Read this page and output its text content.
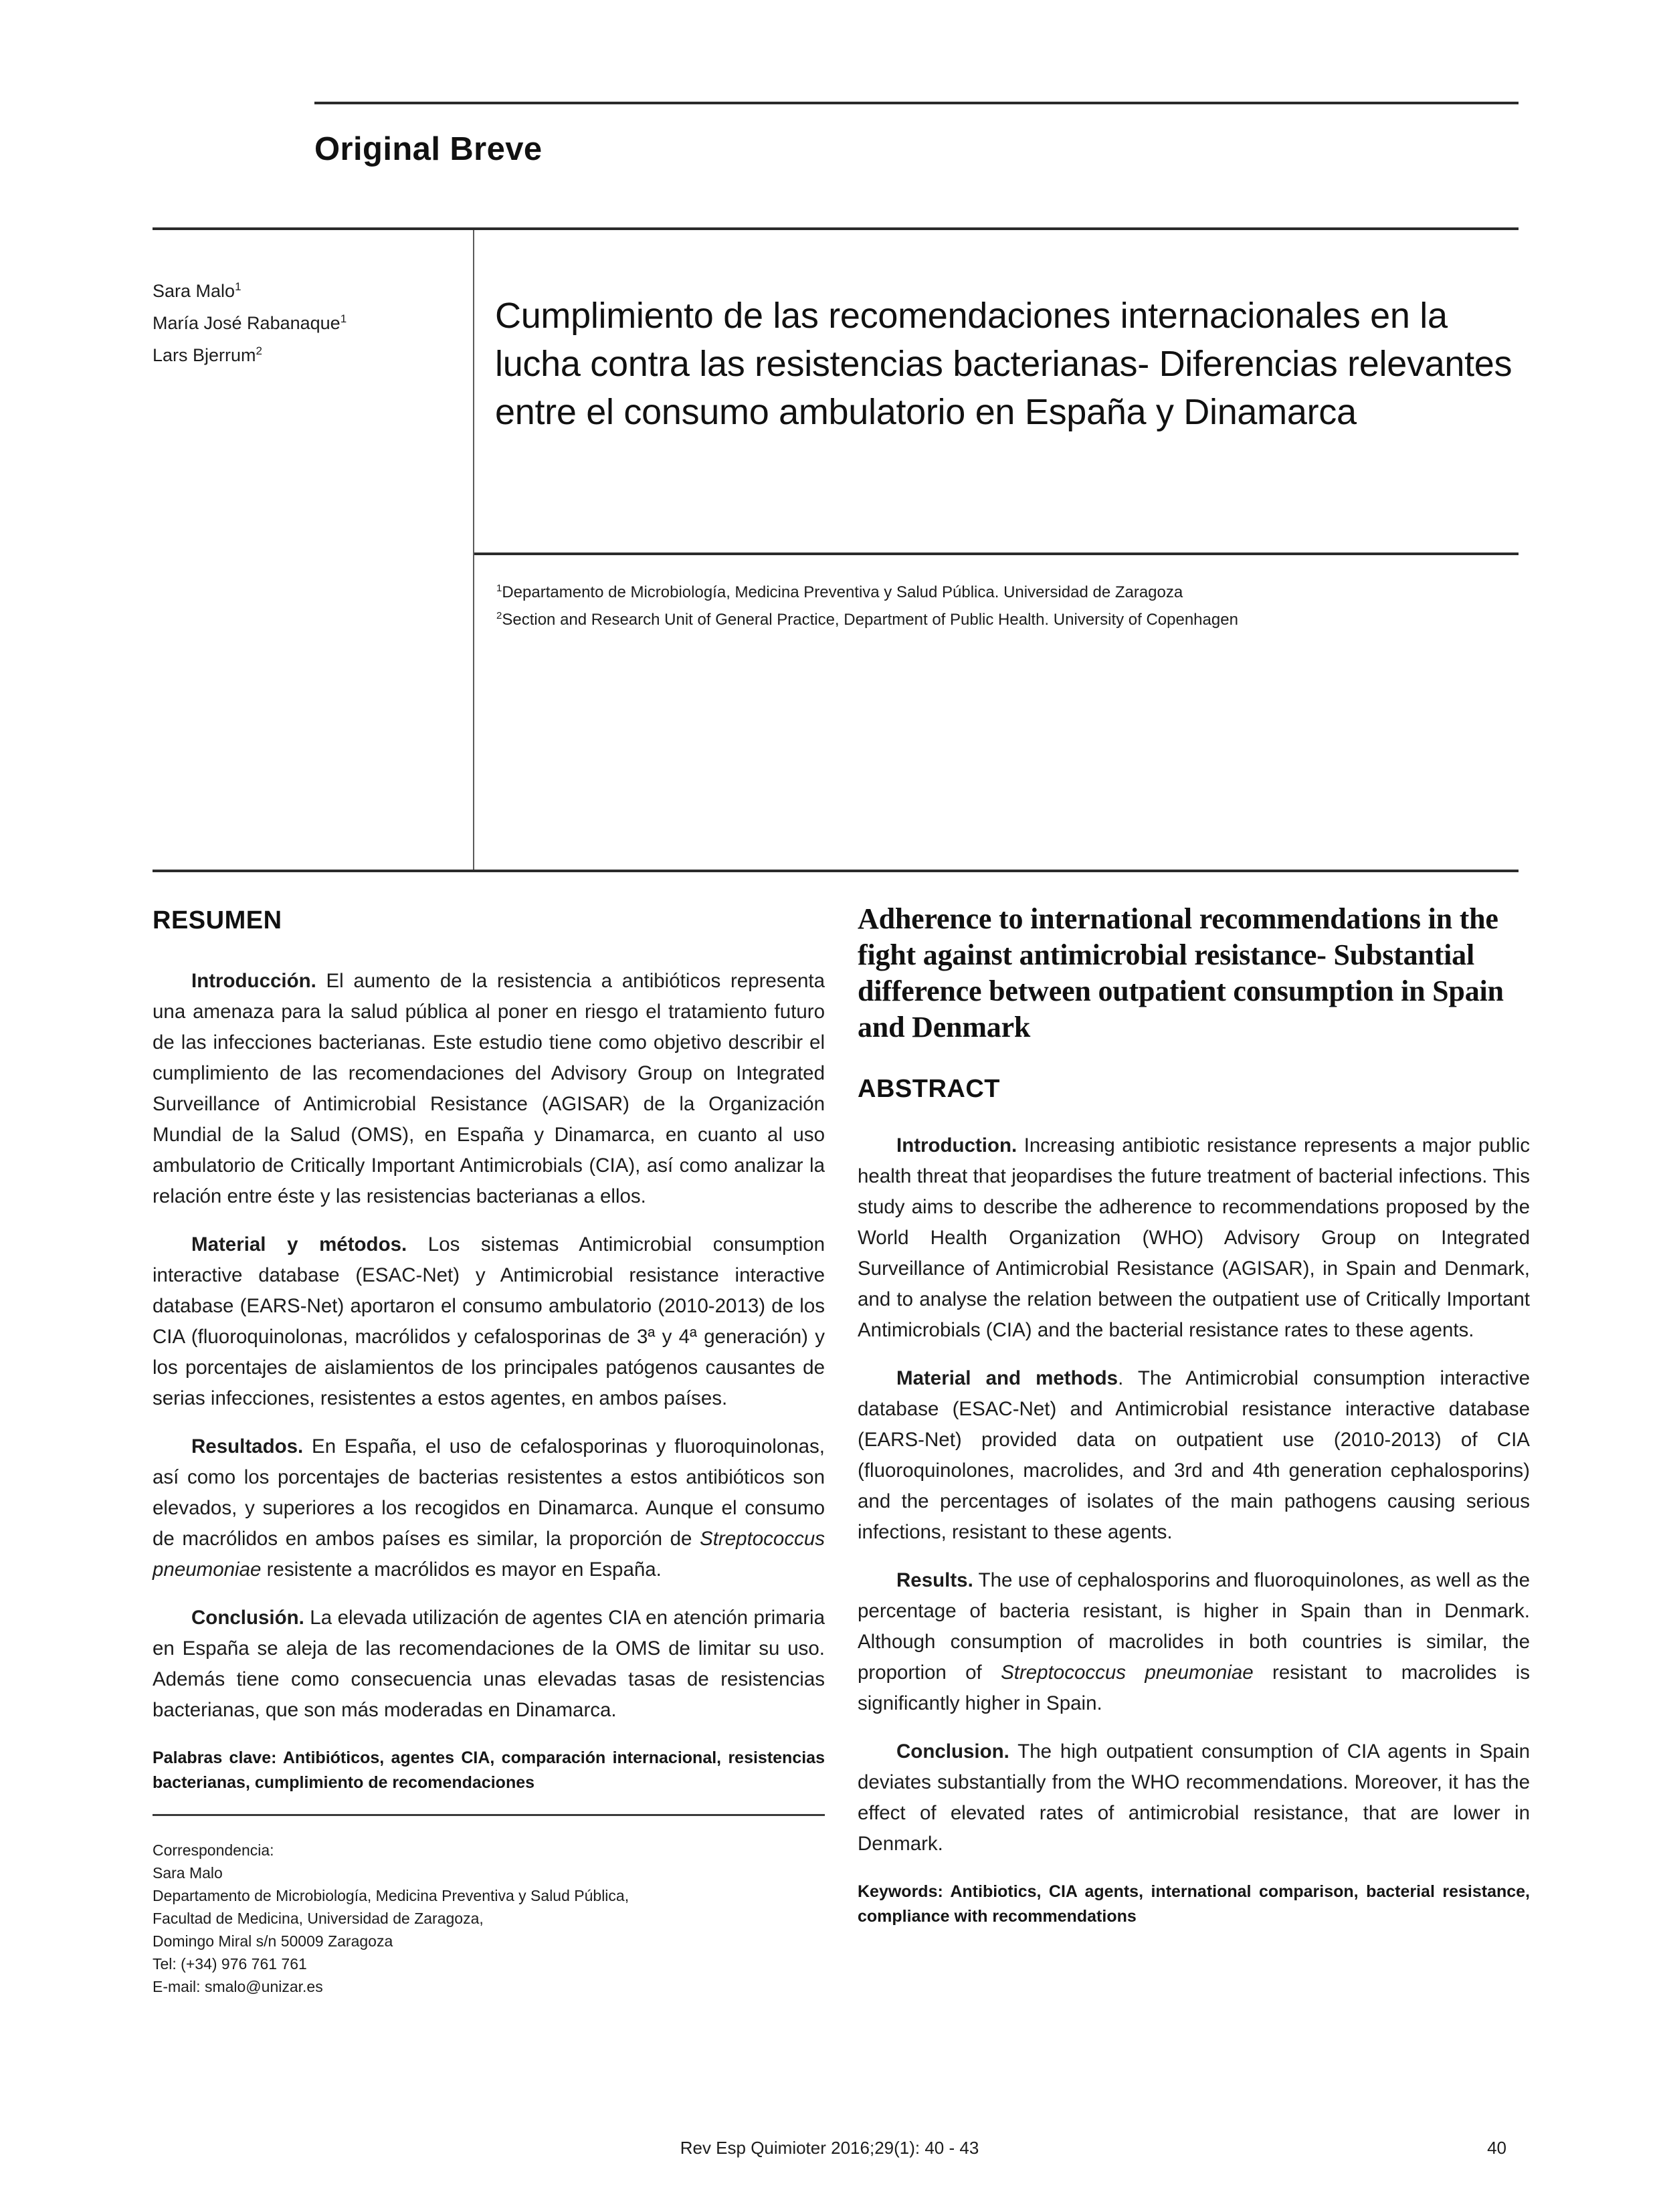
Original Breve
Sara Malo$^1$
María José Rabanaque$^1$
Lars Bjerrum$^2$
Cumplimiento de las recomendaciones internacionales en la lucha contra las resistencias bacterianas- Diferencias relevantes entre el consumo ambulatorio en España y Dinamarca
$^1$Departamento de Microbiología, Medicina Preventiva y Salud Pública. Universidad de Zaragoza
$^2$Section and Research Unit of General Practice, Department of Public Health. University of Copenhagen
RESUMEN

Introducción. El aumento de la resistencia a antibióticos representa una amenaza para la salud pública al poner en riesgo el tratamiento futuro de las infecciones bacterianas. Este estudio tiene como objetivo describir el cumplimiento de las recomendaciones del Advisory Group on Integrated Surveillance of Antimicrobial Resistance (AGISAR) de la Organización Mundial de la Salud (OMS), en España y Dinamarca, en cuanto al uso ambulatorio de Critically Important Antimicrobials (CIA), así como analizar la relación entre éste y las resistencias bacterianas a ellos.

Material y métodos. Los sistemas Antimicrobial consumption interactive database (ESAC-Net) y Antimicrobial resistance interactive database (EARS-Net) aportaron el consumo ambulatorio (2010-2013) de los CIA (fluoroquinolonas, macrólidos y cefalosporinas de 3ª y 4ª generación) y los porcentajes de aislamientos de los principales patógenos causantes de serias infecciones, resistentes a estos agentes, en ambos países.

Resultados. En España, el uso de cefalosporinas y fluoroquinolonas, así como los porcentajes de bacterias resistentes a estos antibióticos son elevados, y superiores a los recogidos en Dinamarca. Aunque el consumo de macrólidos en ambos países es similar, la proporción de Streptococcus pneumoniae resistente a macrólidos es mayor en España.

Conclusión. La elevada utilización de agentes CIA en atención primaria en España se aleja de las recomendaciones de la OMS de limitar su uso. Además tiene como consecuencia unas elevadas tasas de resistencias bacterianas, que son más moderadas en Dinamarca.

Palabras clave: Antibióticos, agentes CIA, comparación internacional, resistencias bacterianas, cumplimiento de recomendaciones

Correspondencia:
Sara Malo
Departamento de Microbiología, Medicina Preventiva y Salud Pública,
Facultad de Medicina, Universidad de Zaragoza,
Domingo Miral s/n 50009 Zaragoza
Tel: (+34) 976 761 761
E-mail: smalo@unizar.es
Adherence to international recommendations in the fight against antimicrobial resistance- Substantial difference between outpatient consumption in Spain and Denmark
ABSTRACT

Introduction. Increasing antibiotic resistance represents a major public health threat that jeopardises the future treatment of bacterial infections. This study aims to describe the adherence to recommendations proposed by the World Health Organization (WHO) Advisory Group on Integrated Surveillance of Antimicrobial Resistance (AGISAR), in Spain and Denmark, and to analyse the relation between the outpatient use of Critically Important Antimicrobials (CIA) and the bacterial resistance rates to these agents.

Material and methods. The Antimicrobial consumption interactive database (ESAC-Net) and Antimicrobial resistance interactive database (EARS-Net) provided data on outpatient use (2010-2013) of CIA (fluoroquinolones, macrolides, and 3rd and 4th generation cephalosporins) and the percentages of isolates of the main pathogens causing serious infections, resistant to these agents.

Results. The use of cephalosporins and fluoroquinolones, as well as the percentage of bacteria resistant, is higher in Spain than in Denmark. Although consumption of macrolides in both countries is similar, the proportion of Streptococcus pneumoniae resistant to macrolides is significantly higher in Spain.

Conclusion. The high outpatient consumption of CIA agents in Spain deviates substantially from the WHO recommendations. Moreover, it has the effect of elevated rates of antimicrobial resistance, that are lower in Denmark.

Keywords: Antibiotics, CIA agents, international comparison, bacterial resistance, compliance with recommendations

Rev Esp Quimioter 2016;29(1): 40 - 43	40
